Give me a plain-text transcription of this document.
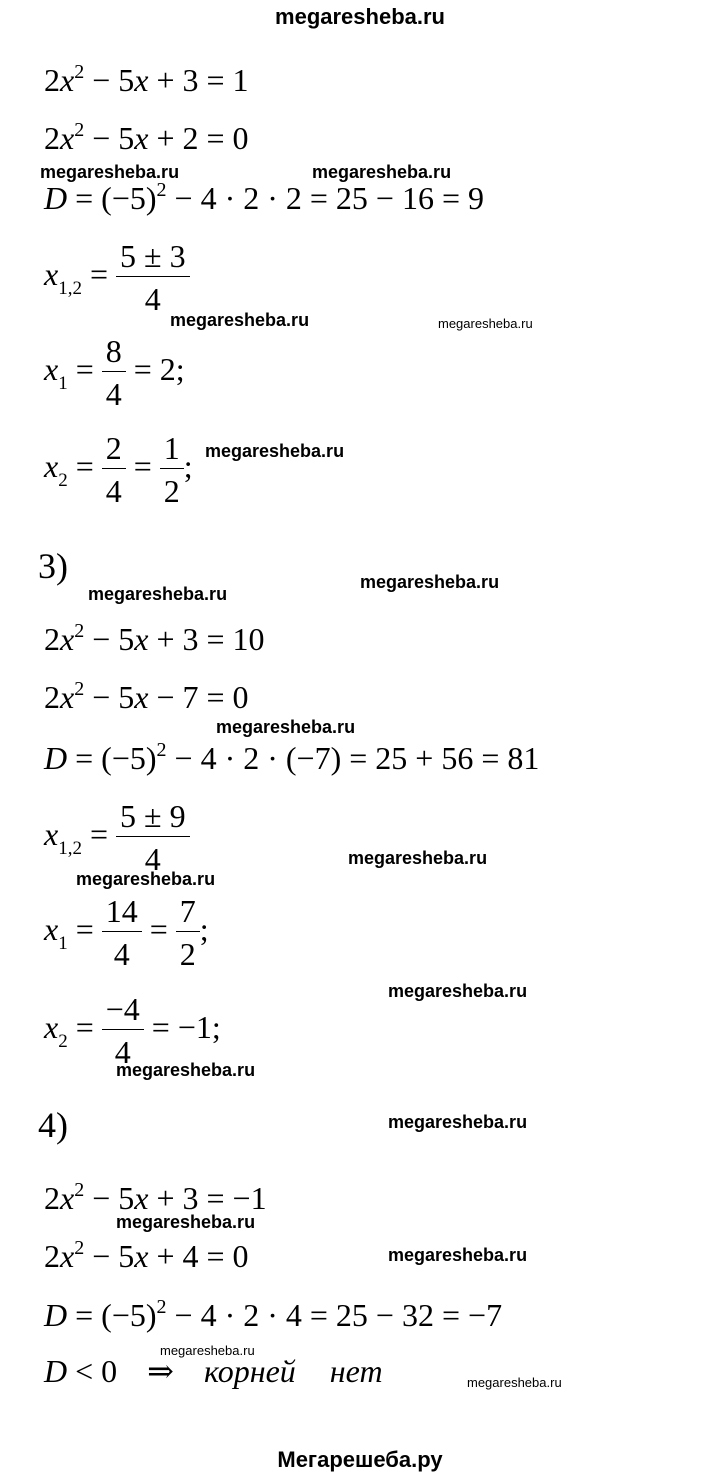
megaresheba.ru
$2x^2 - 5x + 3 = 1$
$2x^2 - 5x + 2 = 0$
$D = (-5)^2 - 4 \cdot 2 \cdot 2 = 25 - 16 = 9$
$x_{1,2} = \frac{5 \pm 3}{4}$
$x_1 = \frac{8}{4} = 2$;
$x_2 = \frac{2}{4} = \frac{1}{2}$ ;
3)
$2x^2 - 5x + 3 = 10$
$2x^2 - 5x - 7 = 0$
$D = (-5)^2 - 4 \cdot 2 \cdot (-7) = 25 + 56 = 81$
$x_{1,2} = \frac{5 \pm 9}{4}$
$x_1 = \frac{14}{4} = \frac{7}{2}$ ;
$x_2 = \frac{-4}{4} = -1$;
4)
$2x^2 - 5x + 3 = -1$
$2x^2 - 5x + 4 = 0$
$D = (-5)^2 - 4 \cdot 2 \cdot 4 = 25 - 32 = -7$
D < 0 ⇒ корней нет
megaresheba.ru	megaresheba.ru
megaresheba.ru	megaresheba.ru
megaresheba.ru
megaresheba.ru
megaresheba.ru
megaresheba.ru
megaresheba.ru
megaresheba.ru
megaresheba.ru
megaresheba.ru
megaresheba.ru
megaresheba.ru
megaresheba.ru
megaresheba.ru
megaresheba.ru
Мегарешеба.ру
